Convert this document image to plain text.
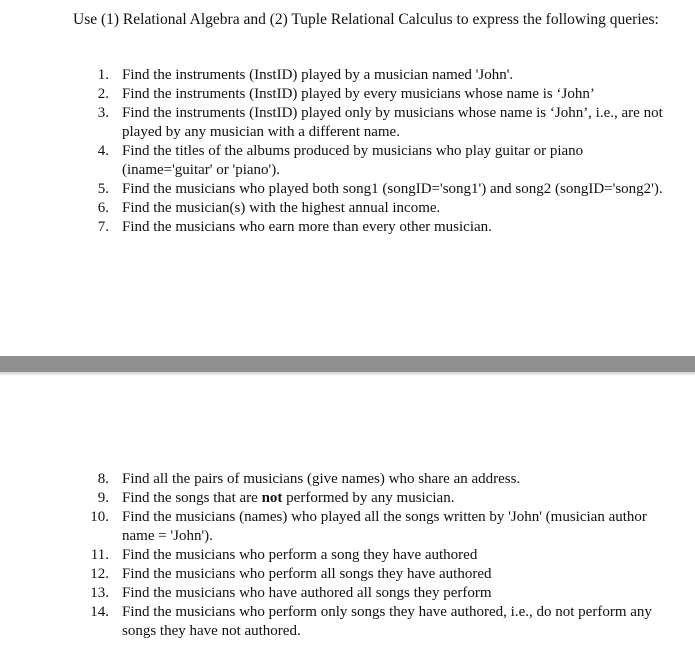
Use (1) Relational Algebra and (2) Tuple Relational Calculus to express the following queries:
1. Find the instruments (InstID) played by a musician named 'John'.
2. Find the instruments (InstID) played by every musicians whose name is ‘John’
3. Find the instruments (InstID) played only by musicians whose name is ‘John’, i.e., are not played by any musician with a different name.
4. Find the titles of the albums produced by musicians who play guitar or piano (iname='guitar' or 'piano').
5. Find the musicians who played both song1 (songID='song1') and song2 (songID='song2').
6. Find the musician(s) with the highest annual income.
7. Find the musicians who earn more than every other musician.
8. Find all the pairs of musicians (give names) who share an address.
9. Find the songs that are not performed by any musician.
10. Find the musicians (names) who played all the songs written by 'John' (musician author name = 'John').
11. Find the musicians who perform a song they have authored
12. Find the musicians who perform all songs they have authored
13. Find the musicians who have authored all songs they perform
14. Find the musicians who perform only songs they have authored, i.e., do not perform any songs they have not authored.
